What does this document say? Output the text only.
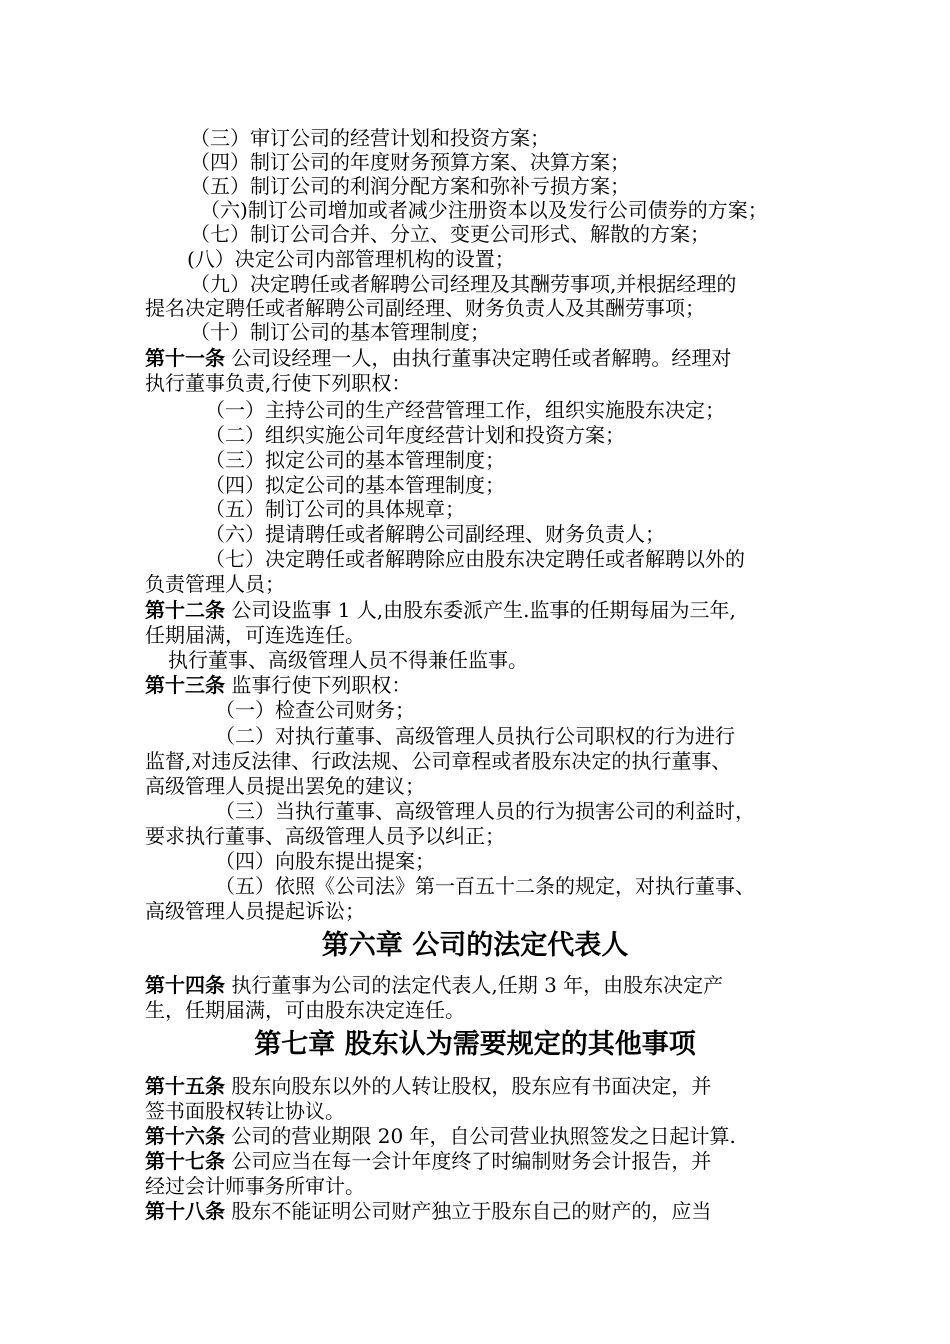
（三）审订公司的经营计划和投资方案；
（四）制订公司的年度财务预算方案、决算方案；
（五）制订公司的利润分配方案和弥补亏损方案；
（六)制订公司增加或者减少注册资本以及发行公司债券的方案；
（七）制订公司合并、分立、变更公司形式、解散的方案；
(八）决定公司内部管理机构的设置；
（九）决定聘任或者解聘公司经理及其酬劳事项,并根据经理的
提名决定聘任或者解聘公司副经理、财务负责人及其酬劳事项；
（十）制订公司的基本管理制度；
第十一条 公司设经理一人，由执行董事决定聘任或者解聘。经理对
执行董事负责,行使下列职权：
（一）主持公司的生产经营管理工作，组织实施股东决定；
（二）组织实施公司年度经营计划和投资方案；
（三）拟定公司的基本管理制度；
（四）拟定公司的基本管理制度；
（五）制订公司的具体规章；
（六）提请聘任或者解聘公司副经理、财务负责人；
（七）决定聘任或者解聘除应由股东决定聘任或者解聘以外的
负责管理人员；
第十二条 公司设监事 1 人,由股东委派产生.监事的任期每届为三年,
任期届满，可连选连任。
执行董事、高级管理人员不得兼任监事。
第十三条 监事行使下列职权：
（一）检查公司财务；
（二）对执行董事、高级管理人员执行公司职权的行为进行
监督,对违反法律、行政法规、公司章程或者股东决定的执行董事、
高级管理人员提出罢免的建议；
（三）当执行董事、高级管理人员的行为损害公司的利益时，
要求执行董事、高级管理人员予以纠正；
（四）向股东提出提案；
（五）依照《公司法》第一百五十二条的规定，对执行董事、
高级管理人员提起诉讼；
第六章 公司的法定代表人
第十四条 执行董事为公司的法定代表人,任期 3 年，由股东决定产
生，任期届满，可由股东决定连任。
第七章 股东认为需要规定的其他事项
第十五条 股东向股东以外的人转让股权，股东应有书面决定，并
签书面股权转让协议。
第十六条 公司的营业期限 20 年，自公司营业执照签发之日起计算.
第十七条 公司应当在每一会计年度终了时编制财务会计报告，并
经过会计师事务所审计。
第十八条 股东不能证明公司财产独立于股东自己的财产的，应当
